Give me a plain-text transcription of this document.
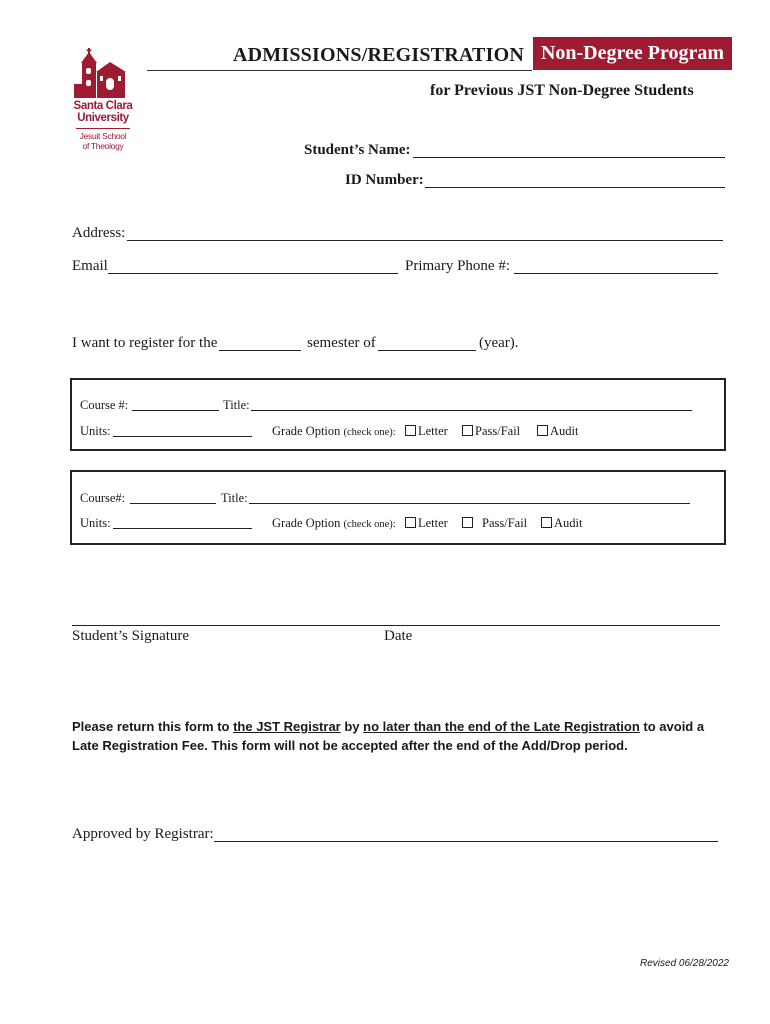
Santa Clara
University
Jesuit School
of Theology
ADMISSIONS/REGISTRATION Non-Degree Program
for Previous JST Non-Degree Students
Student’s Name:
ID Number:
Address:
Email	Primary Phone #:
I want to register for the	semester of	(year).
Course #:	Title:
Units:	Grade Option (check one):	Letter	Pass/Fail	Audit
Course#:	Title:
Units:	Grade Option (check one):	Letter	Pass/Fail	Audit
Student’s Signature	Date
Please return this form to the JST Registrar by no later than the end of the Late Registration to avoid a Late Registration Fee. This form will not be accepted after the end of the Add/Drop period.
Approved by Registrar:
Revised 06/28/2022
